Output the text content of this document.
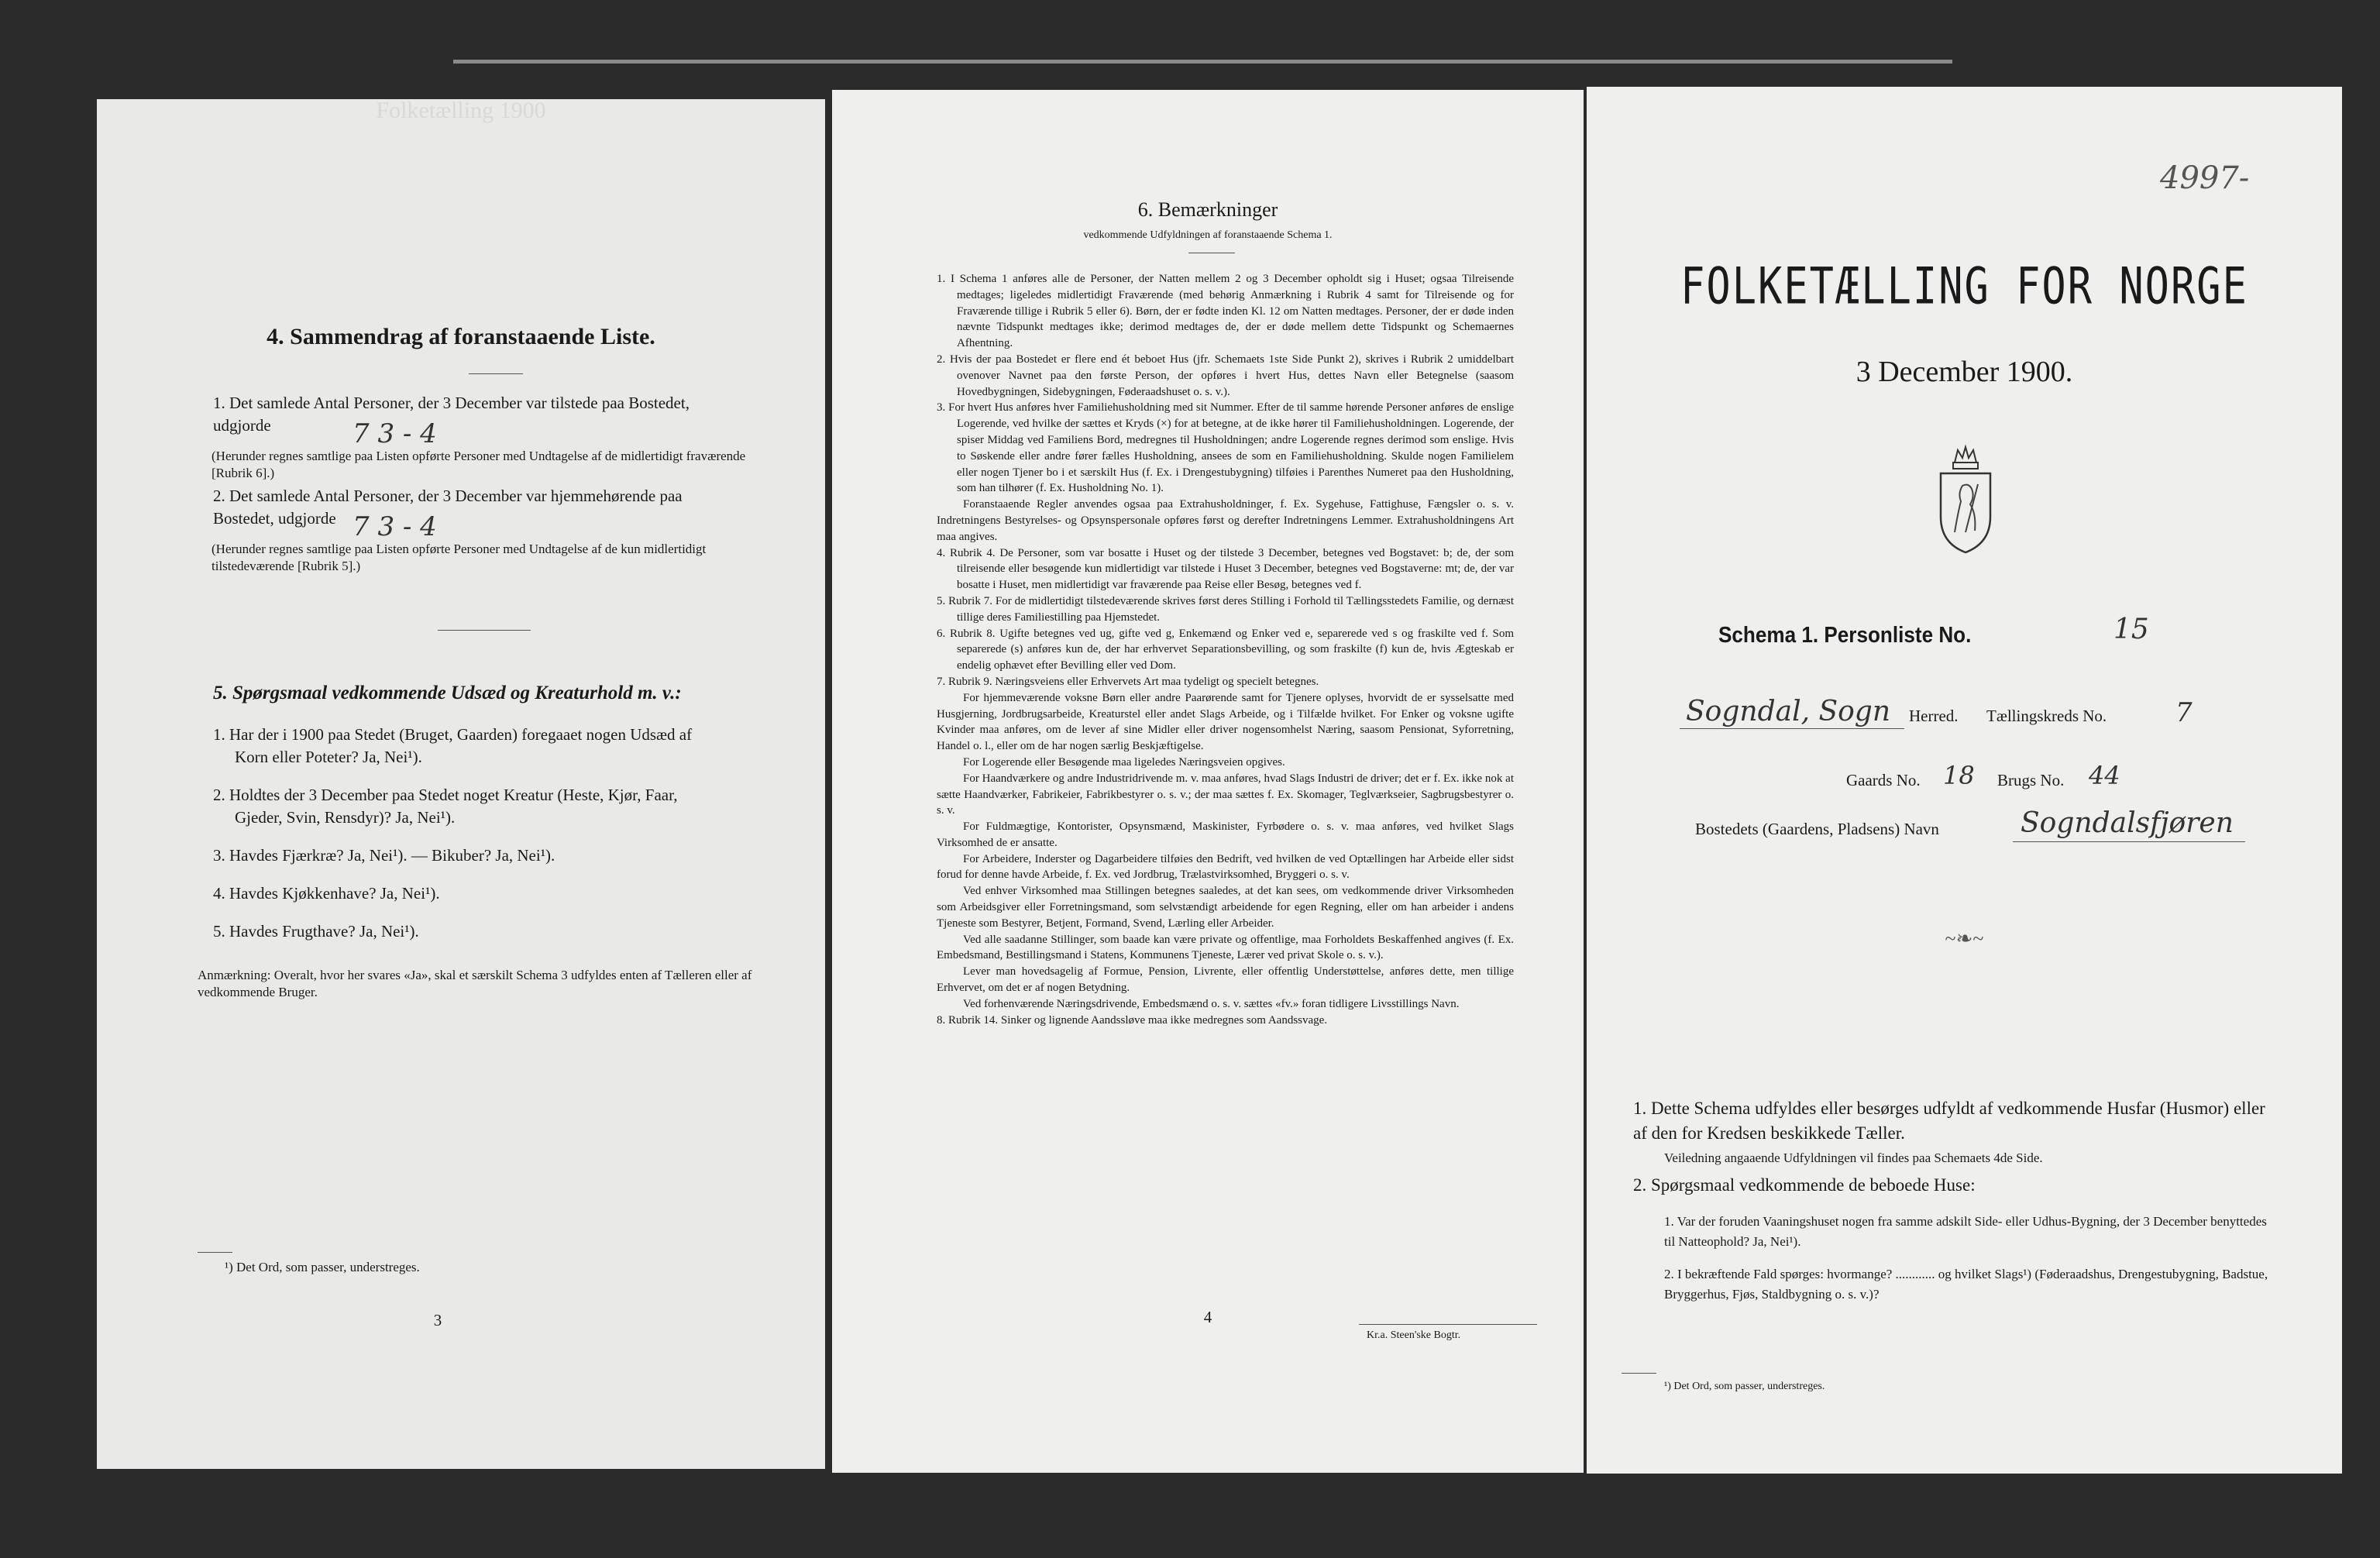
Folketælling 1900
4. Sammendrag af foranstaaende Liste.
1. Det samlede Antal Personer, der 3 December var tilstede paa Bostedet, udgjorde	7 3 - 4
(Herunder regnes samtlige paa Listen opførte Personer med Undtagelse af de midlertidigt fraværende [Rubrik 6].)
2. Det samlede Antal Personer, der 3 December var hjemmehørende paa Bostedet, udgjorde 7 3 - 4
(Herunder regnes samtlige paa Listen opførte Personer med Undtagelse af de kun midlertidigt tilstedeværende [Rubrik 5].)
5. Spørgsmaal vedkommende Udsæd og Kreaturhold m. v.:

1. Har der i 1900 paa Stedet (Bruget, Gaarden) foregaaet nogen Udsæd af Korn eller Poteter? Ja, Nei¹).

2. Holdtes der 3 December paa Stedet noget Kreatur (Heste, Kjør, Faar, Gjeder, Svin, Rensdyr)? Ja, Nei¹).

3. Havdes Fjærkræ? Ja, Nei¹). — Bikuber? Ja, Nei¹).

4. Havdes Kjøkkenhave? Ja, Nei¹).

5. Havdes Frugthave? Ja, Nei¹).

Anmærkning: Overalt, hvor her svares «Ja», skal et særskilt Schema 3 udfyldes enten af Tælleren eller af vedkommende Bruger.
¹) Det Ord, som passer, understreges.
3
6. Bemærkninger
vedkommende Udfyldningen af foranstaaende Schema 1.

1. I Schema 1 anføres alle de Personer, der Natten mellem 2 og 3 December opholdt sig i Huset; ogsaa Tilreisende medtages; ligeledes midlertidigt Fraværende (med behørig Anmærkning i Rubrik 4 samt for Tilreisende og for Fraværende tillige i Rubrik 5 eller 6). Børn, der er fødte inden Kl. 12 om Natten medtages. Personer, der er døde inden nævnte Tidspunkt medtages ikke; derimod medtages de, der er døde mellem dette Tidspunkt og Schemaernes Afhentning.

2. Hvis der paa Bostedet er flere end ét beboet Hus (jfr. Schemaets 1ste Side Punkt 2), skrives i Rubrik 2 umiddelbart ovenover Navnet paa den første Person, der opføres i hvert Hus, dettes Navn eller Betegnelse (saasom Hovedbygningen, Sidebygningen, Føderaadshuset o. s. v.).

3. For hvert Hus anføres hver Familiehusholdning med sit Nummer. Efter de til samme hørende Personer anføres de enslige Logerende, ved hvilke der sættes et Kryds (×) for at betegne, at de ikke hører til Familiehusholdningen. Logerende, der spiser Middag ved Familiens Bord, medregnes til Husholdningen; andre Logerende regnes derimod som enslige. Hvis to Søskende eller andre fører fælles Husholdning, ansees de som en Familiehusholdning. Skulde nogen Familielem eller nogen Tjener bo i et særskilt Hus (f. Ex. i Drengestubygning) tilføies i Parenthes Numeret paa den Husholdning, som han tilhører (f. Ex. Husholdning No. 1).

Foranstaaende Regler anvendes ogsaa paa Extrahusholdninger, f. Ex. Sygehuse, Fattighuse, Fængsler o. s. v. Indretningens Bestyrelses- og Opsynspersonale opføres først og derefter Indretningens Lemmer. Extrahusholdningens Art maa angives.

4. Rubrik 4. De Personer, som var bosatte i Huset og der tilstede 3 December, betegnes ved Bogstavet: b; de, der som tilreisende eller besøgende kun midlertidigt var tilstede i Huset 3 December, betegnes ved Bogstaverne: mt; de, der var bosatte i Huset, men midlertidigt var fraværende paa Reise eller Besøg, betegnes ved f.

5. Rubrik 7. For de midlertidigt tilstedeværende skrives først deres Stilling i Forhold til Tællingsstedets Familie, og dernæst tillige deres Familiestilling paa Hjemstedet.

6. Rubrik 8. Ugifte betegnes ved ug, gifte ved g, Enkemænd og Enker ved e, separerede ved s og fraskilte ved f. Som separerede (s) anføres kun de, der har erhvervet Separationsbevilling, og som fraskilte (f) kun de, hvis Ægteskab er endelig ophævet efter Bevilling eller ved Dom.

7. Rubrik 9. Næringsveiens eller Erhvervets Art maa tydeligt og specielt betegnes.

For hjemmeværende voksne Børn eller andre Paarørende samt for Tjenere oplyses, hvorvidt de er sysselsatte med Husgjerning, Jordbrugsarbeide, Kreaturstel eller andet Slags Arbeide, og i Tilfælde hvilket. For Enker og voksne ugifte Kvinder maa anføres, om de lever af sine Midler eller driver nogensomhelst Næring, saasom Pensionat, Syforretning, Handel o. l., eller om de har nogen særlig Beskjæftigelse.

For Logerende eller Besøgende maa ligeledes Næringsveien opgives.

For Haandværkere og andre Industridrivende m. v. maa anføres, hvad Slags Industri de driver; det er f. Ex. ikke nok at sætte Haandværker, Fabrikeier, Fabrikbestyrer o. s. v.; der maa sættes f. Ex. Skomager, Teglværkseier, Sagbrugsbestyrer o. s. v.

For Fuldmægtige, Kontorister, Opsynsmænd, Maskinister, Fyrbødere o. s. v. maa anføres, ved hvilket Slags Virksomhed de er ansatte.

For Arbeidere, Inderster og Dagarbeidere tilføies den Bedrift, ved hvilken de ved Optællingen har Arbeide eller sidst forud for denne havde Arbeide, f. Ex. ved Jordbrug, Trælastvirksomhed, Bryggeri o. s. v.

Ved enhver Virksomhed maa Stillingen betegnes saaledes, at det kan sees, om vedkommende driver Virksomheden som Arbeidsgiver eller Forretningsmand, som selvstændigt arbeidende for egen Regning, eller om han arbeider i andens Tjeneste som Bestyrer, Betjent, Formand, Svend, Lærling eller Arbeider.

Ved alle saadanne Stillinger, som baade kan være private og offentlige, maa Forholdets Beskaffenhed angives (f. Ex. Embedsmand, Bestillingsmand i Statens, Kommunens Tjeneste, Lærer ved privat Skole o. s. v.).

Lever man hovedsagelig af Formue, Pension, Livrente, eller offentlig Understøttelse, anføres dette, men tillige Erhvervet, om det er af nogen Betydning.

Ved forhenværende Næringsdrivende, Embedsmænd o. s. v. sættes «fv.» foran tidligere Livsstillings Navn.

8. Rubrik 14. Sinker og lignende Aandssløve maa ikke medregnes som Aandssvage.

4
Kr.a. Steen'ske Bogtr.
4997-
FOLKETÆLLING FOR NORGE
3 December 1900.
Schema 1. Personliste No.	15
Sogndal, Sogn Herred. Tællingskreds No.	7
Gaards No. 18 Brugs No. 44
Bostedets (Gaardens, Pladsens) Navn	Sogndalsfjøren
~❧~
1. Dette Schema udfyldes eller besørges udfyldt af vedkommende Husfar (Husmor) eller af den for Kredsen beskikkede Tæller.
Veiledning angaaende Udfyldningen vil findes paa Schemaets 4de Side.
2. Spørgsmaal vedkommende de beboede Huse:
1. Var der foruden Vaaningshuset nogen fra samme adskilt Side- eller Udhus-Bygning, der 3 December benyttedes til Natteophold? Ja, Nei¹).
2. I bekræftende Fald spørges: hvormange? ............ og hvilket Slags¹) (Føderaadshus, Drengestubygning, Badstue, Bryggerhus, Fjøs, Staldbygning o. s. v.)?
¹) Det Ord, som passer, understreges.
